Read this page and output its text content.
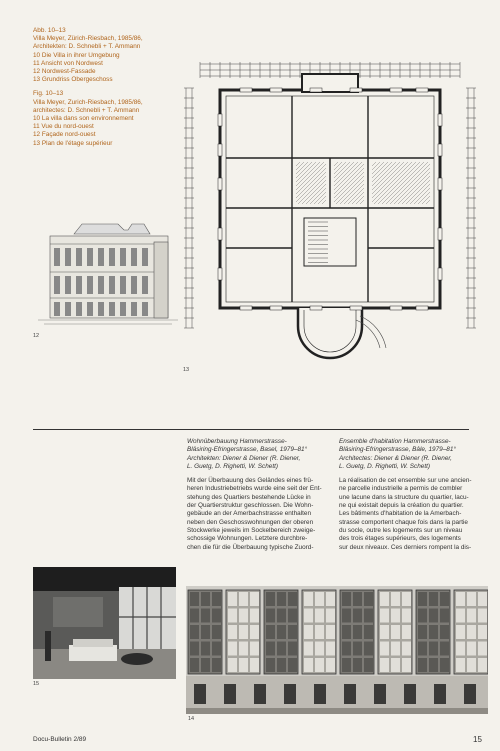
Abb. 10–13
Villa Meyer, Zürich-Riesbach, 1985/86,
Architekten: D. Schnebli + T. Ammann
10 Die Villa in ihrer Umgebung
11 Ansicht von Nordwest
12 Nordwest-Fassade
13 Grundriss Obergeschoss
Fig. 10–13
Villa Meyer, Zurich-Riesbach, 1985/86,
architectes: D. Schnebli + T. Ammann
10 La villa dans son environnement
11 Vue du nord-ouest
12 Façade nord-ouest
13 Plan de l'étage supérieur
12
13
Wohnüberbauung Hammerstrasse-
Bläsiring-Efringerstrasse, Basel, 1979–81°
Architekten: Diener & Diener (R. Diener,
L. Guetg, D. Righetti, W. Schett)
Mit der Überbauung des Geländes eines frü-
heren Industriebetriebs wurde eine seit der Ent-
stehung des Quartiers bestehende Lücke in
der Quartierstruktur geschlossen. Die Wohn-
gebäude an der Amerbachstrasse enthalten
neben den Geschosswohnungen der oberen
Stockwerke jeweils im Sockelbereich zweige-
schossige Wohnungen. Letztere durchbre-
chen die für die Überbauung typische Zuord-
Ensemble d'habitation Hammerstrasse-
Bläsiring-Efringerstrasse, Bâle, 1979–81°
Architectes: Diener & Diener (R. Diener,
L. Guetg, D. Righetti, W. Schett)
La réalisation de cet ensemble sur une ancien-
ne parcelle industrielle a permis de combler
une lacune dans la structure du quartier, lacu-
ne qui existait depuis la création du quartier.
Les bâtiments d'habitation de la Amerbach-
strasse comportent chaque fois dans la partie
du socle, outre les logements sur un niveau
des trois étages supérieurs, des logements
sur deux niveaux. Ces derniers rompent la dis-
15
14
Docu-Bulletin 2/89	15
